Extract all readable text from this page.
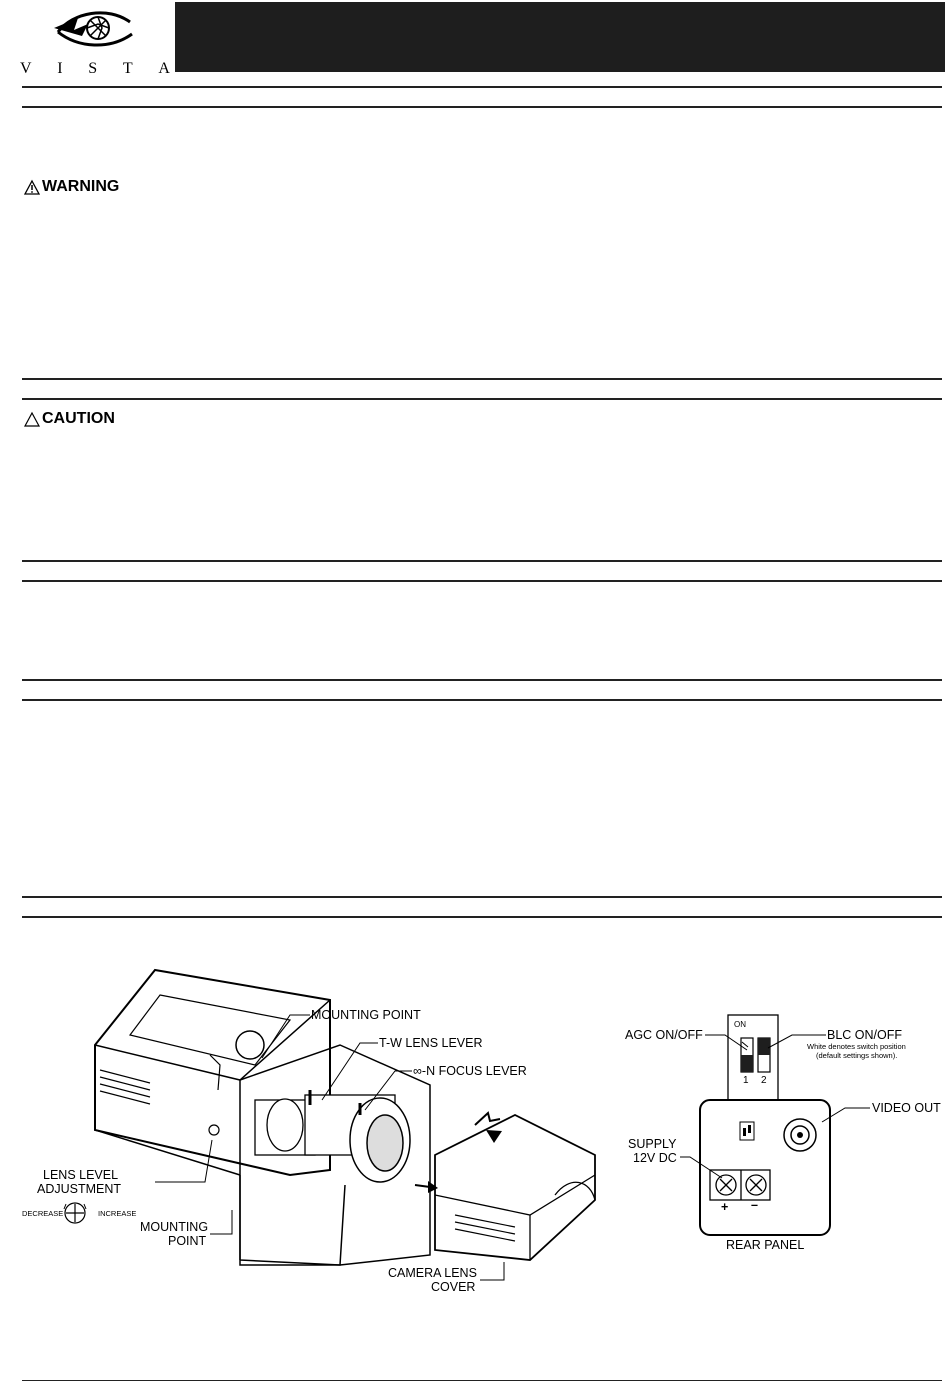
V I S T A
WARNING
CAUTION
MOUNTING POINT
T-W LENS LEVER
∞-N FOCUS LEVER
LENS LEVEL
ADJUSTMENT
DECREASE	INCREASE
MOUNTING
POINT
CAMERA LENS
COVER
ON
1 2
AGC ON/OFF	BLC ON/OFF
White denotes switch position
(default settings shown).
VIDEO OUT
SUPPLY
12V DC
+ –
REAR PANEL
